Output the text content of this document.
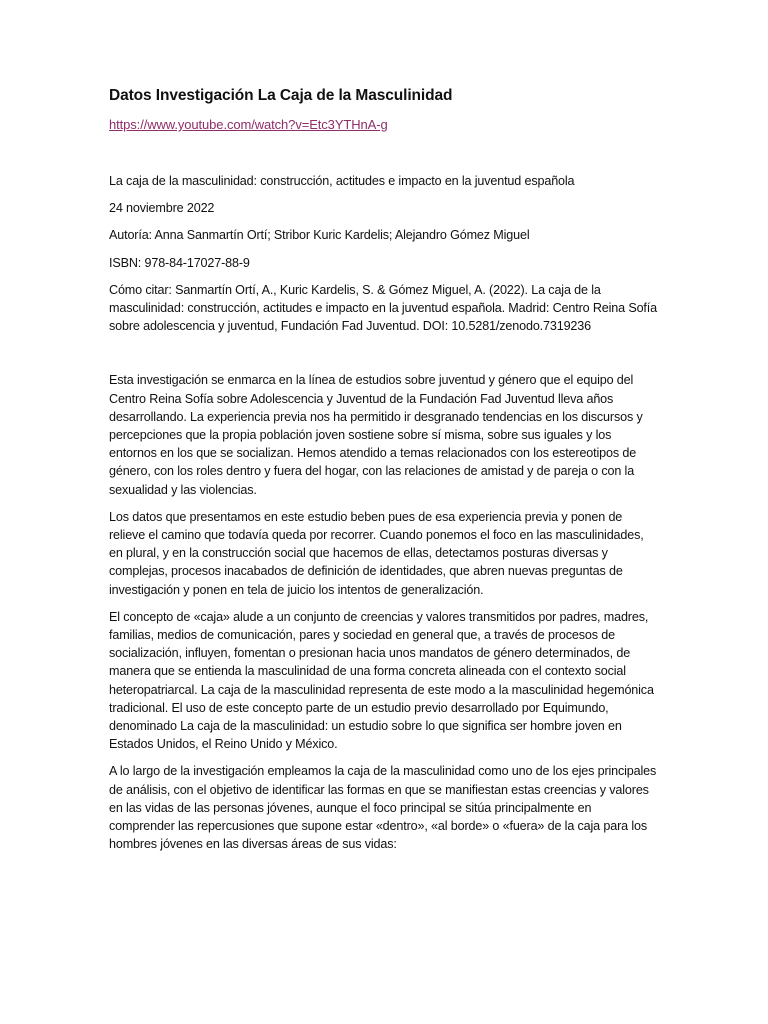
Datos Investigación La Caja de la Masculinidad
https://www.youtube.com/watch?v=Etc3YTHnA-g

La caja de la masculinidad: construcción, actitudes e impacto en la juventud española

24 noviembre 2022

Autoría: Anna Sanmartín Ortí; Stribor Kuric Kardelis; Alejandro Gómez Miguel

ISBN: 978-84-17027-88-9

Cómo citar: Sanmartín Ortí, A., Kuric Kardelis, S. & Gómez Miguel, A. (2022). La caja de la masculinidad: construcción, actitudes e impacto en la juventud española. Madrid: Centro Reina Sofía sobre adolescencia y juventud, Fundación Fad Juventud. DOI: 10.5281/zenodo.7319236

Esta investigación se enmarca en la línea de estudios sobre juventud y género que el equipo del Centro Reina Sofía sobre Adolescencia y Juventud de la Fundación Fad Juventud lleva años desarrollando. La experiencia previa nos ha permitido ir desgranado tendencias en los discursos y percepciones que la propia población joven sostiene sobre sí misma, sobre sus iguales y los entornos en los que se socializan. Hemos atendido a temas relacionados con los estereotipos de género, con los roles dentro y fuera del hogar, con las relaciones de amistad y de pareja o con la sexualidad y las violencias.

Los datos que presentamos en este estudio beben pues de esa experiencia previa y ponen de relieve el camino que todavía queda por recorrer. Cuando ponemos el foco en las masculinidades, en plural, y en la construcción social que hacemos de ellas, detectamos posturas diversas y complejas, procesos inacabados de definición de identidades, que abren nuevas preguntas de investigación y ponen en tela de juicio los intentos de generalización.

El concepto de «caja» alude a un conjunto de creencias y valores transmitidos por padres, madres, familias, medios de comunicación, pares y sociedad en general que, a través de procesos de socialización, influyen, fomentan o presionan hacia unos mandatos de género determinados, de manera que se entienda la masculinidad de una forma concreta alineada con el contexto social heteropatriarcal. La caja de la masculinidad representa de este modo a la masculinidad hegemónica tradicional. El uso de este concepto parte de un estudio previo desarrollado por Equimundo, denominado La caja de la masculinidad: un estudio sobre lo que significa ser hombre joven en Estados Unidos, el Reino Unido y México.

A lo largo de la investigación empleamos la caja de la masculinidad como uno de los ejes principales de análisis, con el objetivo de identificar las formas en que se manifiestan estas creencias y valores en las vidas de las personas jóvenes, aunque el foco principal se sitúa principalmente en comprender las repercusiones que supone estar «dentro», «al borde» o «fuera» de la caja para los hombres jóvenes en las diversas áreas de sus vidas:
